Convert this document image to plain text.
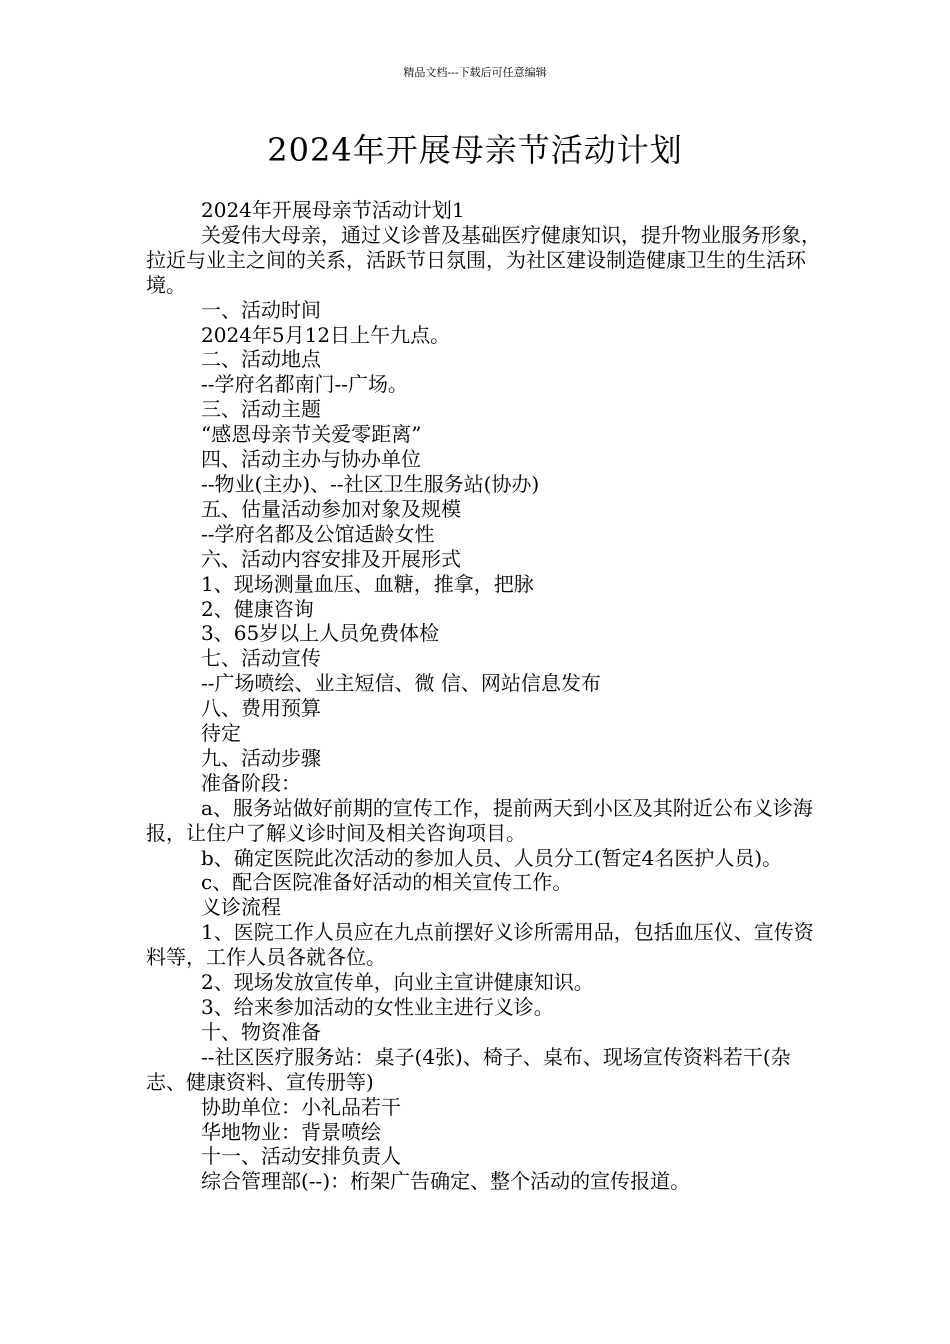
精品文档---下载后可任意编辑
2024年开展母亲节活动计划

2024年开展母亲节活动计划1

关爱伟大母亲，通过义诊普及基础医疗健康知识，提升物业服务形象，拉近与业主之间的关系，活跃节日氛围，为社区建设制造健康卫生的生活环境。

一、活动时间

2024年5月12日上午九点。

二、活动地点

--学府名都南门--广场。

三、活动主题

“感恩母亲节关爱零距离”

四、活动主办与协办单位

--物业(主办)、--社区卫生服务站(协办)

五、估量活动参加对象及规模

--学府名都及公馆适龄女性

六、活动内容安排及开展形式

1、现场测量血压、血糖，推拿，把脉

2、健康咨询

3、65岁以上人员免费体检

七、活动宣传

--广场喷绘、业主短信、微 信、网站信息发布

八、费用预算

待定

九、活动步骤

准备阶段：

a、服务站做好前期的宣传工作，提前两天到小区及其附近公布义诊海报，让住户了解义诊时间及相关咨询项目。

b、确定医院此次活动的参加人员、人员分工(暂定4名医护人员)。

c、配合医院准备好活动的相关宣传工作。

义诊流程

1、医院工作人员应在九点前摆好义诊所需用品，包括血压仪、宣传资料等，工作人员各就各位。

2、现场发放宣传单，向业主宣讲健康知识。

3、给来参加活动的女性业主进行义诊。

十、物资准备

--社区医疗服务站：桌子(4张)、椅子、桌布、现场宣传资料若干(杂志、健康资料、宣传册等)

协助单位：小礼品若干

华地物业：背景喷绘

十一、活动安排负责人

综合管理部(--)：桁架广告确定、整个活动的宣传报道。
